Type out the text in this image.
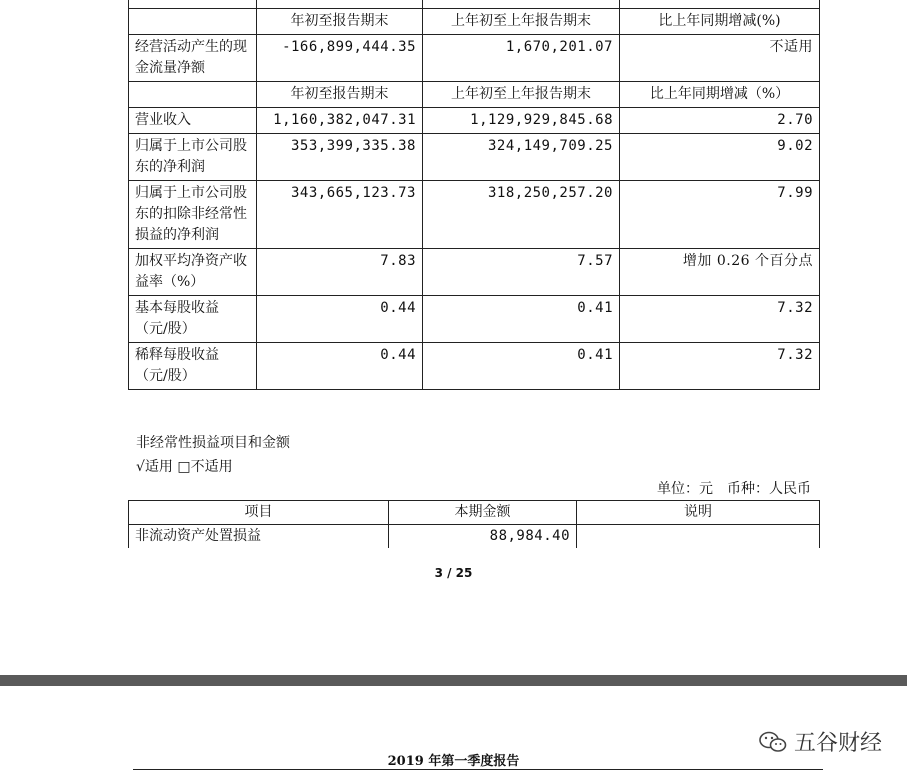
	年初至报告期末	上年初至上年报告期末	比上年同期增减(%)
经营活动产生的现金流量净额	-166,899,444.35	1,670,201.07	不适用
	年初至报告期末	上年初至上年报告期末	比上年同期增减（%）
营业收入	1,160,382,047.31	1,129,929,845.68	2.70
归属于上市公司股东的净利润	353,399,335.38	324,149,709.25	9.02
归属于上市公司股东的扣除非经常性损益的净利润	343,665,123.73	318,250,257.20	7.99
加权平均净资产收益率（%）	7.83	7.57	增加 0.26 个百分点
基本每股收益（元/股）	0.44	0.41	7.32
稀释每股收益（元/股）	0.44	0.41	7.32
非经常性损益项目和金额
√适用 □不适用
单位：元　币种：人民币
项目	本期金额	说明
非流动资产处置损益	88,984.40	
3 / 25
五谷财经
2019 年第一季度报告
